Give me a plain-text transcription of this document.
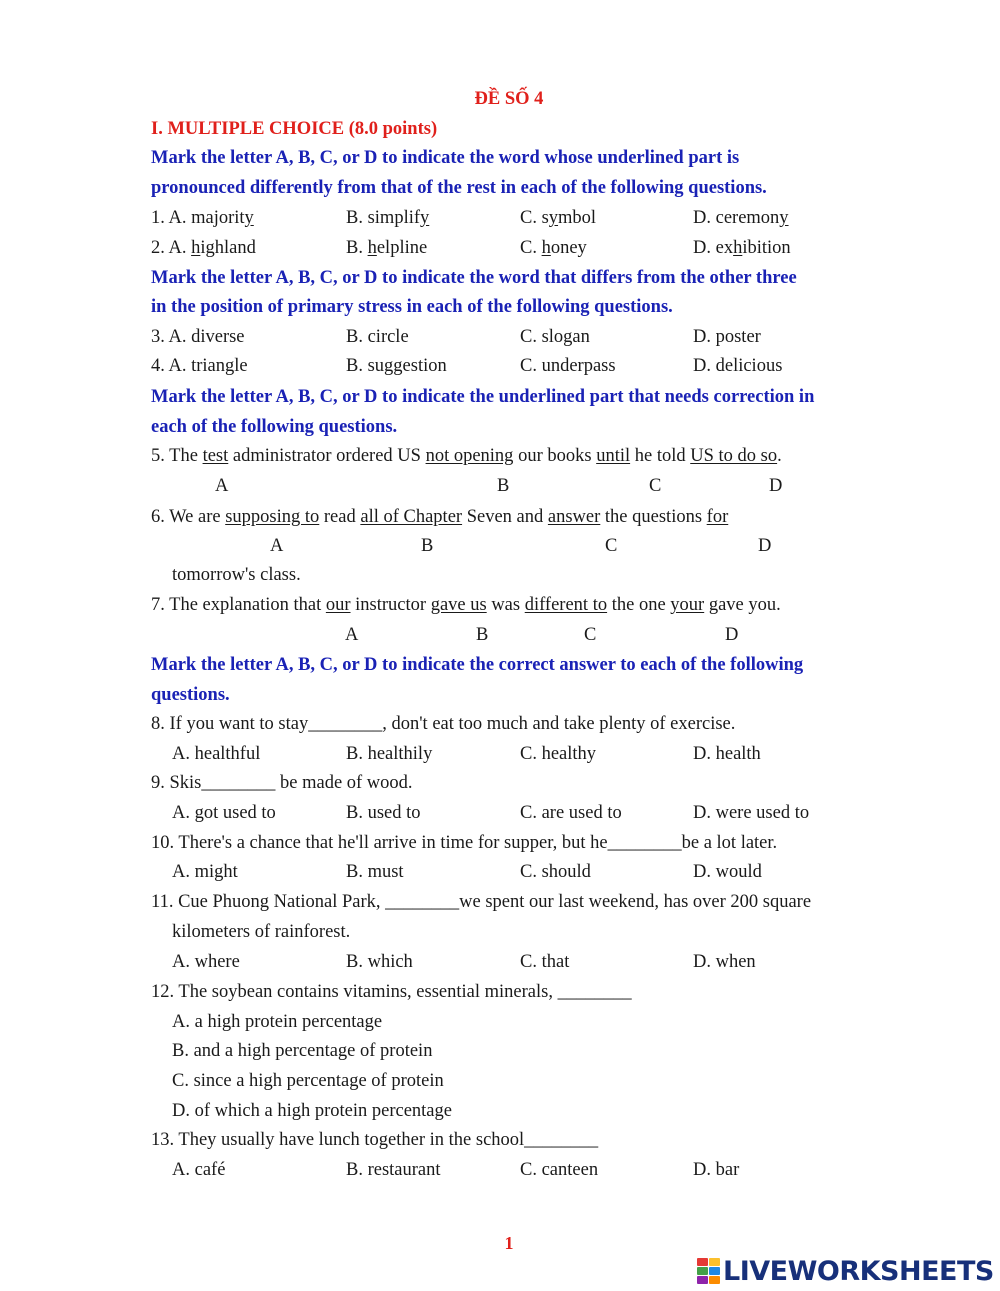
ĐỀ SỐ 4
I. MULTIPLE CHOICE (8.0 points)
Mark the letter A, B, C, or D to indicate the word whose underlined part is
pronounced differently from that of the rest in each of the following questions.
1. A. majority	B. simplify	C. symbol	D. ceremony
2. A. highland	B. helpline	C. honey	D. exhibition
Mark the letter A, B, C, or D to indicate the word that differs from the other three
in the position of primary stress in each of the following questions.
3. A. diverse	B. circle	C. slogan	D. poster
4. A. triangle	B. suggestion	C. underpass	D. delicious
Mark the letter A, B, C, or D to indicate the underlined part that needs correction in
each of the following questions.
5. The test administrator ordered US not opening our books until he told US to do so.
A	B	C	D
6. We are supposing to read all of Chapter Seven and answer the questions for
A	B	C	D
tomorrow's class.
7. The explanation that our instructor gave us was different to the one your gave you.
A	B	C	D
Mark the letter A, B, C, or D to indicate the correct answer to each of the following
questions.
8. If you want to stay________, don't eat too much and take plenty of exercise.
A. healthful	B. healthily	C. healthy	D. health
9. Skis________ be made of wood.
A. got used to	B. used to	C. are used to	D. were used to
10. There's a chance that he'll arrive in time for supper, but he________be a lot later.
A. might	B. must	C. should	D. would
11. Cue Phuong National Park, ________we spent our last weekend, has over 200 square
kilometers of rainforest.
A. where	B. which	C. that	D. when
12. The soybean contains vitamins, essential minerals, ________
A. a high protein percentage
B. and a high percentage of protein
C. since a high percentage of protein
D. of which a high protein percentage
13. They usually have lunch together in the school________
A. café	B. restaurant	C. canteen	D. bar
1
LIVEWORKSHEETS
